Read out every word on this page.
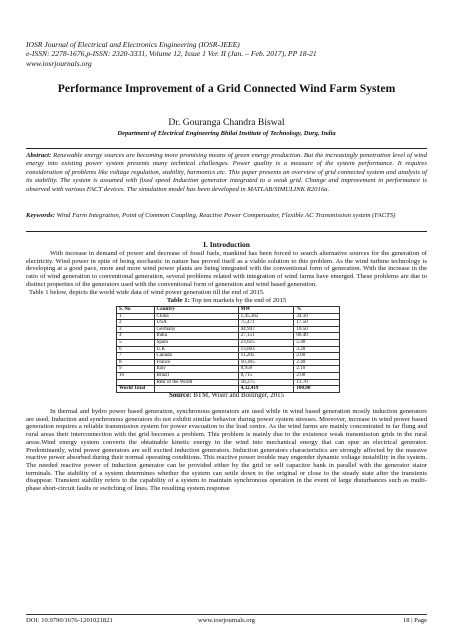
IOSR Journal of Electrical and Electronics Engineering (IOSR-JEEE)
e-ISSN: 2278-1676,p-ISSN: 2320-3331, Volume 12, Issue 1 Ver. II (Jan. – Feb. 2017), PP 18-21
www.iosrjournals.org
Performance Improvement of a Grid Connected Wind Farm System
Dr. Gouranga Chandra Biswal
Department of Electrical Engineering Bhilai Institute of Technology, Durg, India
Abstract: Renewable energy sources are becoming more promising means of green energy production. But the increasingly penetration level of wind energy into existing power system presents many technical challenges. Power quality is a measure of the system performance. It requires consideration of problems like voltage regulation, stability, harmonics etc. This paper presents an overview of grid connected system and analysis of its stability. The system is assumed with fixed speed Induction generator integrated to a weak grid. Change and improvement in performance is observed with various FACT devices. The simulation model has been developed in MATLAB/SIMULINK R2016a.
Keywords: Wind Farm Integration, Point of Common Coupling, Reactive Power Compensator, Flexible AC Transmission system (FACTS)
I. Introduction
With increase in demand of power and decrease of fossil fuels, mankind has been forced to search alternative sources for the generation of electricity. Wind power in spite of being stochastic in nature has proved itself as a viable solution to this problem. As the wind turbine technology is developing at a good pace, more and more wind power plants are being integrated with the conventional form of generation. With the increase in the ratio of wind generation to conventional generation, several problems related with integration of wind farms have emerged. These problems are due to distinct properties of the generators used with the conventional form of generation and wind based generation.
Table 1 below, depicts the world wide data of wind power generation till the end of 2015.
Table 1: Top ten markets by the end of 2015
S. No	Country	MW	%
1	China	1,45,362	34.10
2	USA	75,471	17.50
3	Germany	44,947	10.50
4	India	27,151	06.40
5	Spain	23,025	5.40
6	U.K	13,603	3.20
7	Canada	11,205	2.60
8	France	10,305	2.40
9	Italy	8,958	2.10
10	Brazil	8,715	2.00
	Rest of the World	58,275	13.70
World Total		4,32,419	100.00
Source: BTM, Wiser and Bollinger, 2015
In thermal and hydro power based generation, synchronous generators are used while in wind based generation mostly induction generators are used. Induction and synchronous generators do not exhibit similar behavior during power system stresses. Moreover, increase in wind power based generation requires a reliable transmission system for power evacuation to the load centre. As the wind farms are mainly concentrated in far flung and rural areas their interconnection with the grid becomes a problem. This problem is mainly due to the existence weak transmission grids in the rural areas.Wind energy system converts the obtainable kinetic energy in the wind into mechanical energy that can spur an electrical generator. Predominantly, wind power generators are self excited induction generators. Induction generators characteristics are strongly affected by the massive reactive power absorbed during their normal operating conditions. This reactive power trouble may engender dynamic voltage instability in the system. The needed reactive power of induction generator can be provided either by the grid or self capacitor bank in parallel with the generator stator terminals. The stability of a system determines whether the system can settle down to the original or close to the steady state after the transients disappear. Transient stability refers to the capability of a system to maintain synchronous operation in the event of large disturbances such as multi-phase short-circuit faults or switching of lines. The resulting system response
DOI: 10.9790/1676-1201021821	www.iosrjournals.org	18 | Page
